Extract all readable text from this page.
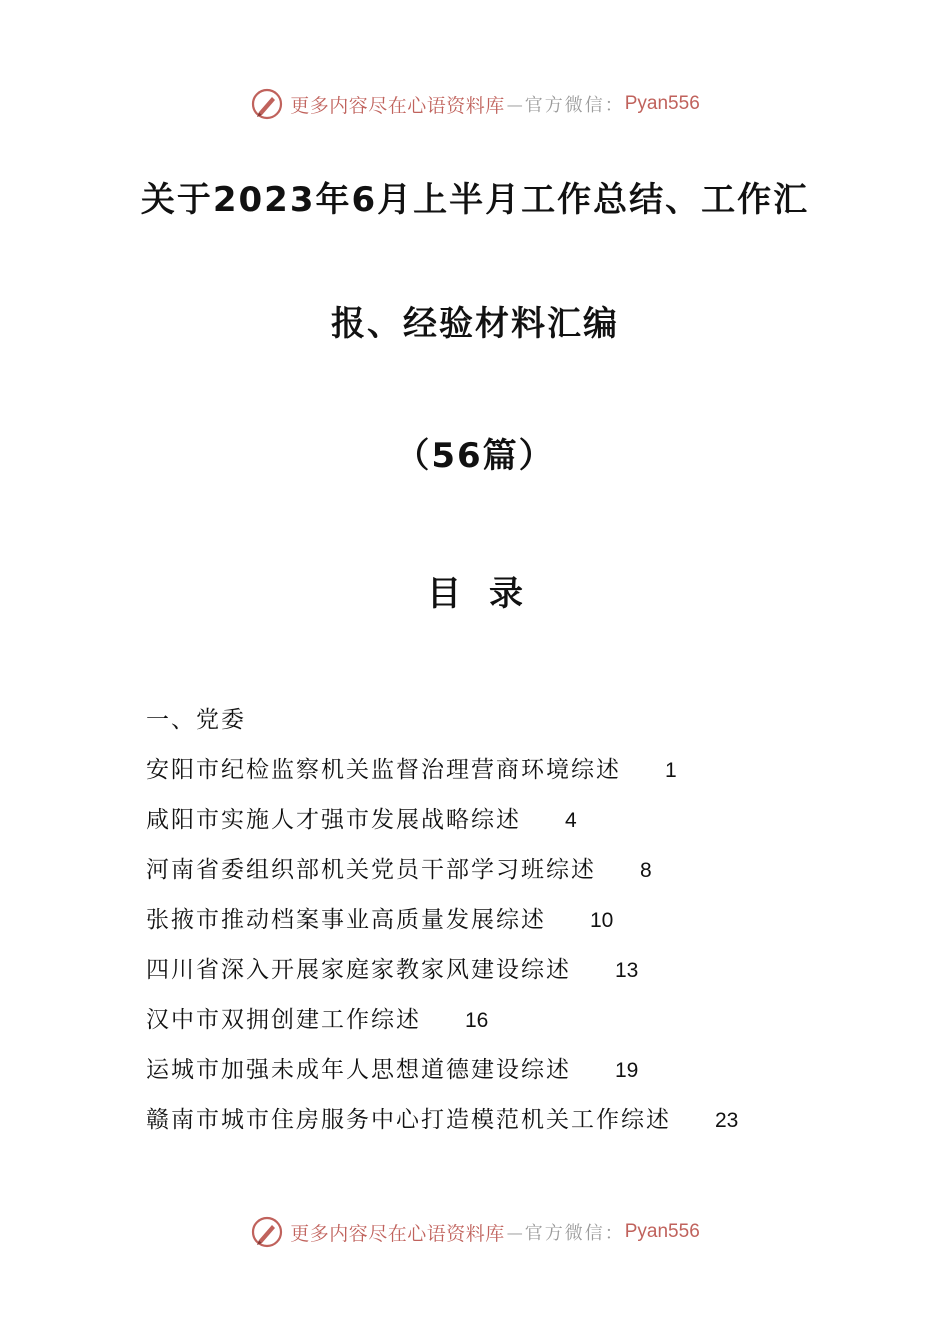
更多内容尽在心语资料库 — 官方微信： Pyan556
关于2023年6月上半月工作总结、工作汇
报、经验材料汇编
（56篇）
目录
一、党委
安阳市纪检监察机关监督治理营商环境综述 1
咸阳市实施人才强市发展战略综述 4
河南省委组织部机关党员干部学习班综述 8
张掖市推动档案事业高质量发展综述 10
四川省深入开展家庭家教家风建设综述 13
汉中市双拥创建工作综述 16
运城市加强未成年人思想道德建设综述 19
赣南市城市住房服务中心打造模范机关工作综述 23
更多内容尽在心语资料库 — 官方微信： Pyan556
